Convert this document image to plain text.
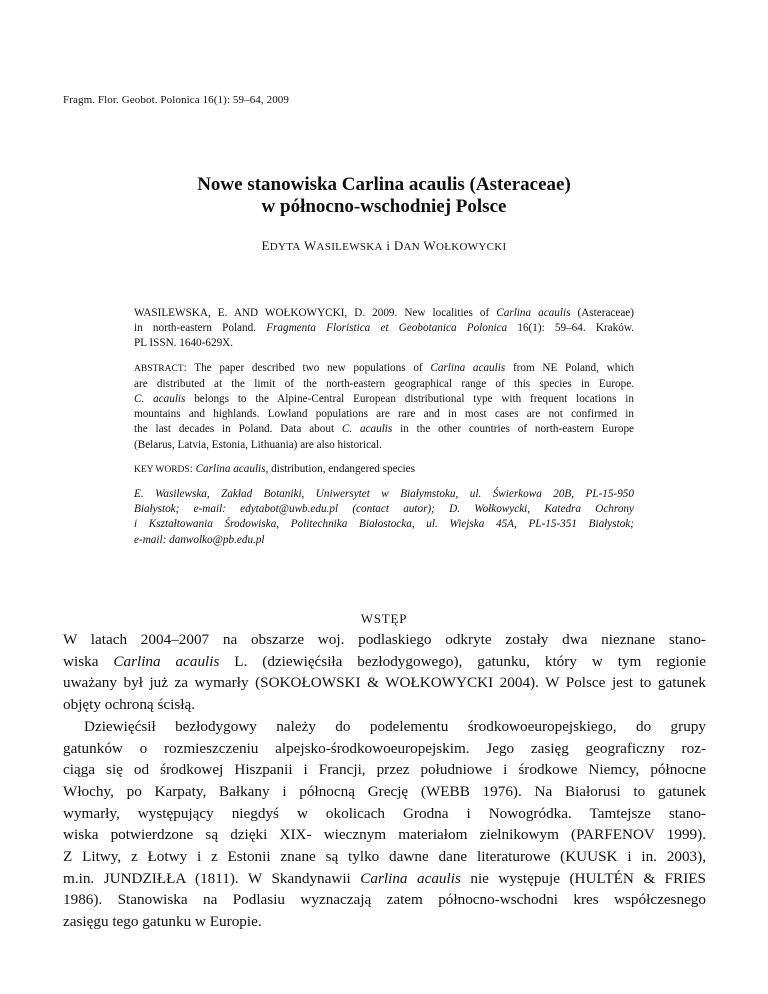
Fragm. Flor. Geobot. Polonica 16(1): 59–64, 2009
Nowe stanowiska Carlina acaulis (Asteraceae)
w północno-wschodniej Polsce
EDYTA WASILEWSKA i DAN WOŁKOWYCKI
WASILEWSKA, E. AND WOŁKOWYCKI, D. 2009. New localities of Carlina acaulis (Asteraceae)
in north-eastern Poland. Fragmenta Floristica et Geobotanica Polonica 16(1): 59–64. Kraków.
PL ISSN. 1640-629X.
ABSTRACT: The paper described two new populations of Carlina acaulis from NE Poland, which
are distributed at the limit of the north-eastern geographical range of this species in Europe.
C. acaulis belongs to the Alpine-Central European distributional type with frequent locations in
mountains and highlands. Lowland populations are rare and in most cases are not confirmed in
the last decades in Poland. Data about C. acaulis in the other countries of north-eastern Europe
(Belarus, Latvia, Estonia, Lithuania) are also historical.
KEY WORDS: Carlina acaulis, distribution, endangered species
E. Wasilewska, Zakład Botaniki, Uniwersytet w Białymstoku, ul. Świerkowa 20B, PL-15-950
Białystok; e-mail: edytabot@uwb.edu.pl (contact autor); D. Wołkowycki, Katedra Ochrony
i Kształtowania Środowiska, Politechnika Białostocka, ul. Wiejska 45A, PL-15-351 Białystok;
e-mail: danwolko@pb.edu.pl
WSTĘP
W latach 2004–2007 na obszarze woj. podlaskiego odkryte zostały dwa nieznane stano-
wiska Carlina acaulis L. (dziewięćsiła bezłodygowego), gatunku, który w tym regionie
uważany był już za wymarły (SOKOŁOWSKI & WOŁKOWYCKI 2004). W Polsce jest to gatunek
objęty ochroną ścisłą.
Dziewięćsił bezłodygowy należy do podelementu środkowoeuropejskiego, do grupy
gatunków o rozmieszczeniu alpejsko-środkowoeuropejskim. Jego zasięg geograficzny roz-
ciąga się od środkowej Hiszpanii i Francji, przez południowe i środkowe Niemcy, północne
Włochy, po Karpaty, Bałkany i północną Grecję (WEBB 1976). Na Białorusi to gatunek
wymarły, występujący niegdyś w okolicach Grodna i Nowogródka. Tamtejsze stano-
wiska potwierdzone są dzięki XIX- wiecznym materiałom zielnikowym (PARFENOV 1999).
Z Litwy, z Łotwy i z Estonii znane są tylko dawne dane literaturowe (KUUSK i in. 2003),
m.in. JUNDZIŁŁA (1811). W Skandynawii Carlina acaulis nie występuje (HULTÉN & FRIES
1986). Stanowiska na Podlasiu wyznaczają zatem północno-wschodni kres współczesnego
zasięgu tego gatunku w Europie.
